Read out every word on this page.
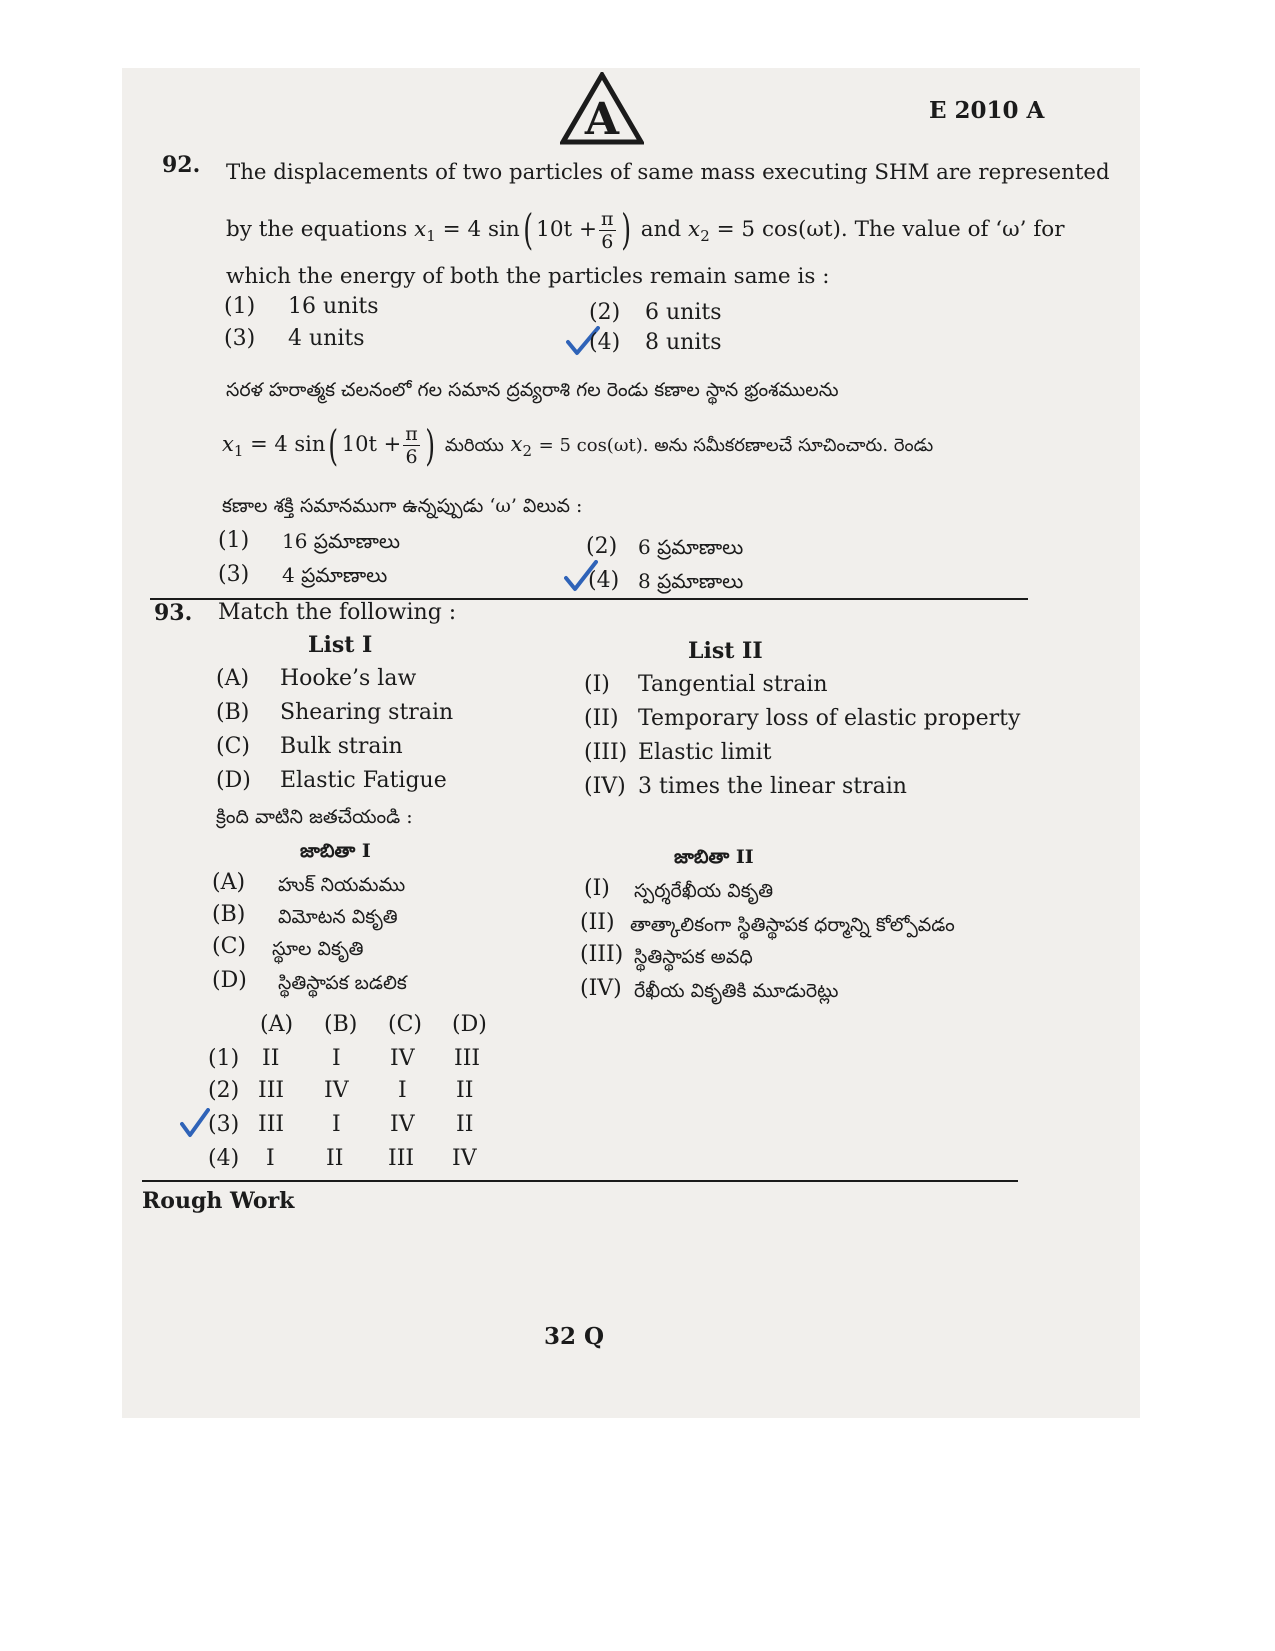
A	E 2010 A
92. The displacements of two particles of same mass executing SHM are represented
by the equations $x_1 = 4$ sin( $10t + \frac{\pi}{6}$ ) and $x_2 = 5$ cos(ωt). The value of ‘ω’ for
which the energy of both the particles remain same is :
(1) 16 units	(2) 6 units
(3) 4 units	(4) 8 units
సరళ హరాత్మక చలనంలో గల సమాన ద్రవ్యరాశి గల రెండు కణాల స్థాన భ్రంశములను
$x_1 = 4$ sin( $10t + \frac{\pi}{6}$ ) మరియు $x_2 = 5$ cos(ωt). అను సమీకరణాలచే సూచించారు. రెండు
కణాల శక్తి సమానముగా ఉన్నప్పుడు ‘ω’ విలువ :
(1) 16 ప్రమాణాలు	(2) 6 ప్రమాణాలు
(3) 4 ప్రమాణాలు	(4) 8 ప్రమాణాలు
93. Match the following :
List I	List II
(A) Hooke’s law
(B) Shearing strain
(C) Bulk strain
(D) Elastic Fatigue
(I) Tangential strain
(II) Temporary loss of elastic property
(III) Elastic limit
(IV) 3 times the linear strain
క్రింది వాటిని జతచేయండి :
జాబితా I	జాబితా II
(A) హుక్ నియమము
(B) విమోటన వికృతి
(C) స్థూల వికృతి
(D) స్థితిస్థాపక బడలిక
(I) స్పర్శరేఖీయ వికృతి
(II) తాత్కాలికంగా స్థితిస్థాపక ధర్మాన్ని కోల్పోవడం
(III) స్థితిస్థాపక అవధి
(IV) రేఖీయ వికృతికి మూడురెట్లు
(A) (B) (C) (D)
(1) II I IV III
(2) III IV I II
(3) III I IV II
(4) I II III IV
Rough Work
32 Q
